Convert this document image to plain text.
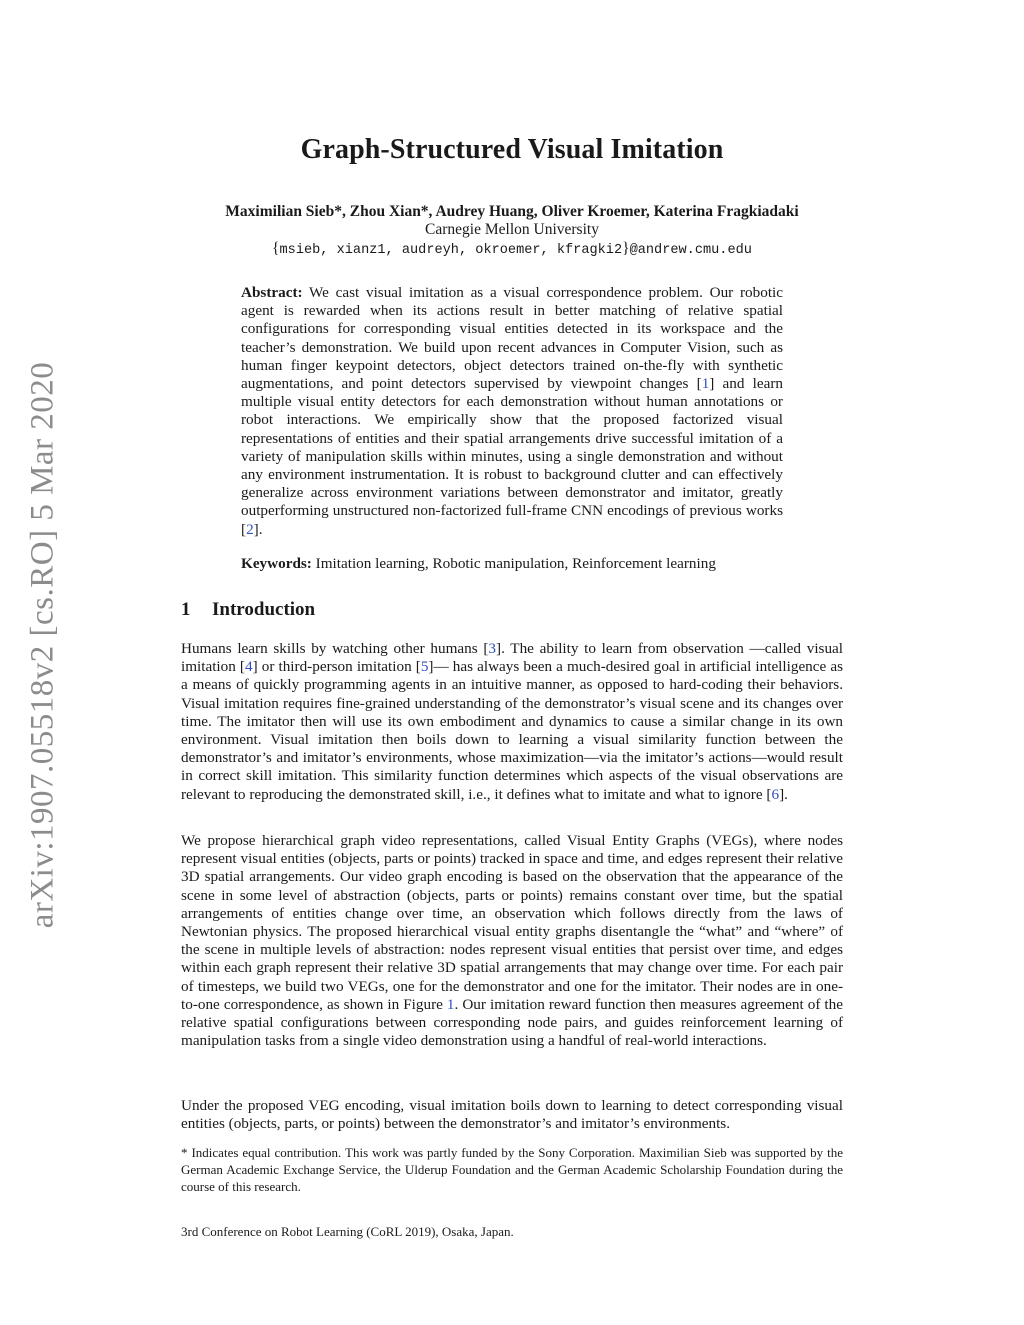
arXiv:1907.05518v2 [cs.RO] 5 Mar 2020
Graph-Structured Visual Imitation
Maximilian Sieb*, Zhou Xian*, Audrey Huang, Oliver Kroemer, Katerina Fragkiadaki
Carnegie Mellon University
{msieb, xianz1, audreyh, okroemer, kfragki2}@andrew.cmu.edu

Abstract: We cast visual imitation as a visual correspondence problem. Our robotic agent is rewarded when its actions result in better matching of relative spatial configurations for corresponding visual entities detected in its workspace and the teacher’s demonstration. We build upon recent advances in Computer Vision, such as human finger keypoint detectors, object detectors trained on-the-fly with synthetic augmentations, and point detectors supervised by viewpoint changes [1] and learn multiple visual entity detectors for each demonstration without human annotations or robot interactions. We empirically show that the proposed factorized visual representations of entities and their spatial arrangements drive successful imitation of a variety of manipulation skills within minutes, using a single demonstration and without any environment instrumentation. It is robust to background clutter and can effectively generalize across environment variations between demonstrator and imitator, greatly outperforming unstructured non-factorized full-frame CNN encodings of previous works [2].

Keywords: Imitation learning, Robotic manipulation, Reinforcement learning

1 Introduction

Humans learn skills by watching other humans [3]. The ability to learn from observation —called visual imitation [4] or third-person imitation [5]— has always been a much-desired goal in artificial intelligence as a means of quickly programming agents in an intuitive manner, as opposed to hard-coding their behaviors. Visual imitation requires fine-grained understanding of the demonstrator’s visual scene and its changes over time. The imitator then will use its own embodiment and dynamics to cause a similar change in its own environment. Visual imitation then boils down to learning a visual similarity function between the demonstrator’s and imitator’s environments, whose maximization—via the imitator’s actions—would result in correct skill imitation. This similarity function determines which aspects of the visual observations are relevant to reproducing the demonstrated skill, i.e., it defines what to imitate and what to ignore [6].

We propose hierarchical graph video representations, called Visual Entity Graphs (VEGs), where nodes represent visual entities (objects, parts or points) tracked in space and time, and edges represent their relative 3D spatial arrangements. Our video graph encoding is based on the observation that the appearance of the scene in some level of abstraction (objects, parts or points) remains constant over time, but the spatial arrangements of entities change over time, an observation which follows directly from the laws of Newtonian physics. The proposed hierarchical visual entity graphs disentangle the “what” and “where” of the scene in multiple levels of abstraction: nodes represent visual entities that persist over time, and edges within each graph represent their relative 3D spatial arrangements that may change over time. For each pair of timesteps, we build two VEGs, one for the demonstrator and one for the imitator. Their nodes are in one-to-one correspondence, as shown in Figure 1. Our imitation reward function then measures agreement of the relative spatial configurations between corresponding node pairs, and guides reinforcement learning of manipulation tasks from a single video demonstration using a handful of real-world interactions.

Under the proposed VEG encoding, visual imitation boils down to learning to detect corresponding visual entities (objects, parts, or points) between the demonstrator’s and imitator’s environments.

* Indicates equal contribution. This work was partly funded by the Sony Corporation. Maximilian Sieb was supported by the German Academic Exchange Service, the Ulderup Foundation and the German Academic Scholarship Foundation during the course of this research.

3rd Conference on Robot Learning (CoRL 2019), Osaka, Japan.
